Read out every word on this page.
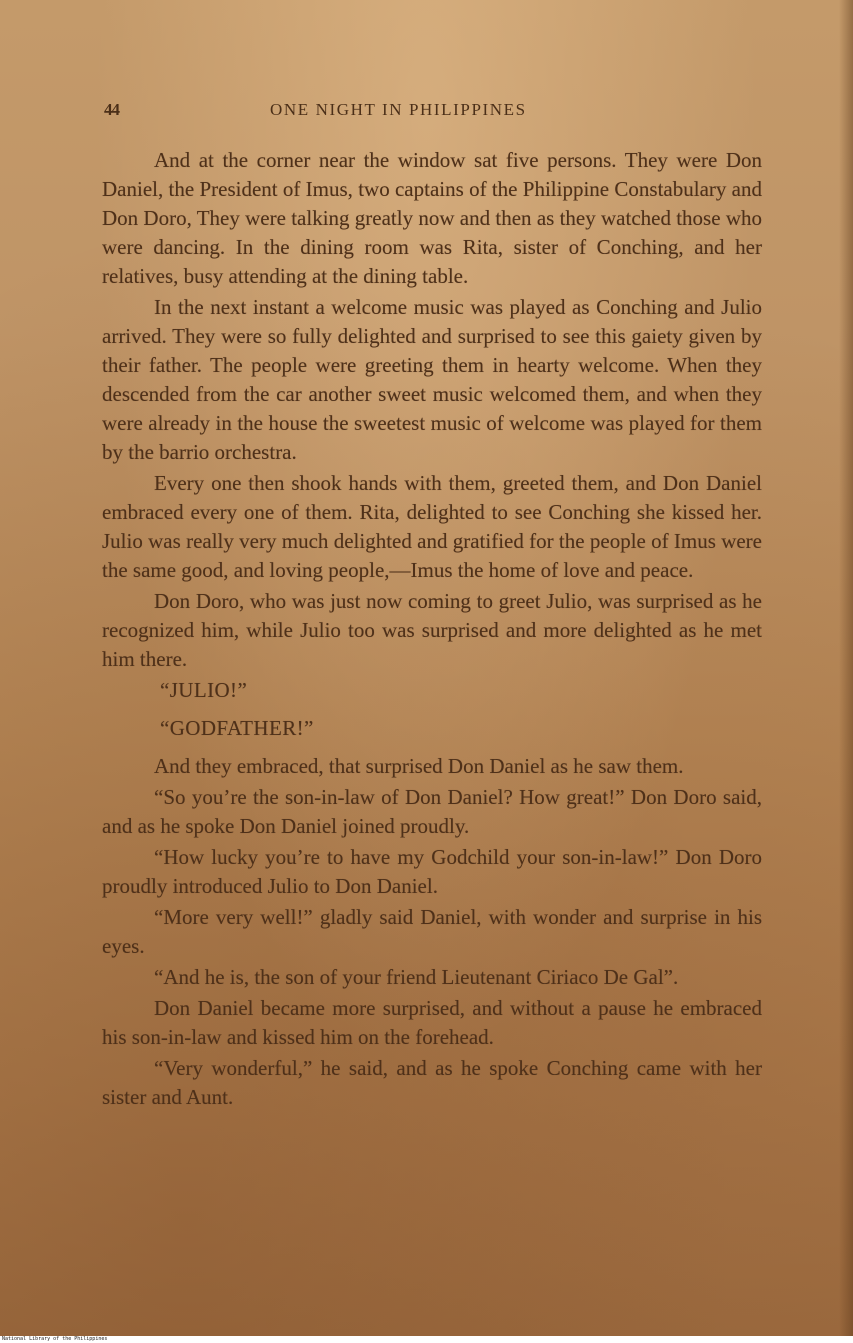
44	ONE NIGHT IN PHILIPPINES

And at the corner near the window sat five persons. They were Don Daniel, the President of Imus, two captains of the Philippine Constabulary and Don Doro, They were talking greatly now and then as they watched those who were dancing. In the dining room was Rita, sister of Conching, and her relatives, busy attending at the dining table.

In the next instant a welcome music was played as Conching and Julio arrived. They were so fully delighted and surprised to see this gaiety given by their father. The people were greeting them in hearty welcome. When they descended from the car another sweet music welcomed them, and when they were already in the house the sweetest music of welcome was played for them by the barrio orchestra.

Every one then shook hands with them, greeted them, and Don Daniel embraced every one of them. Rita, delighted to see Conching she kissed her. Julio was really very much delighted and gratified for the people of Imus were the same good, and loving people,—Imus the home of love and peace.

Don Doro, who was just now coming to greet Julio, was surprised as he recognized him, while Julio too was surprised and more delighted as he met him there.

“JULIO!”

“GODFATHER!”

And they embraced, that surprised Don Daniel as he saw them.

“So you’re the son-in-law of Don Daniel? How great!” Don Doro said, and as he spoke Don Daniel joined proudly.

“How lucky you’re to have my Godchild your son-in-law!” Don Doro proudly introduced Julio to Don Daniel.

“More very well!” gladly said Daniel, with wonder and surprise in his eyes.

“And he is, the son of your friend Lieutenant Ciriaco De Gal”.

Don Daniel became more surprised, and without a pause he embraced his son-in-law and kissed him on the forehead.

“Very wonderful,” he said, and as he spoke Conching came with her sister and Aunt.

National Library of the Philippines
